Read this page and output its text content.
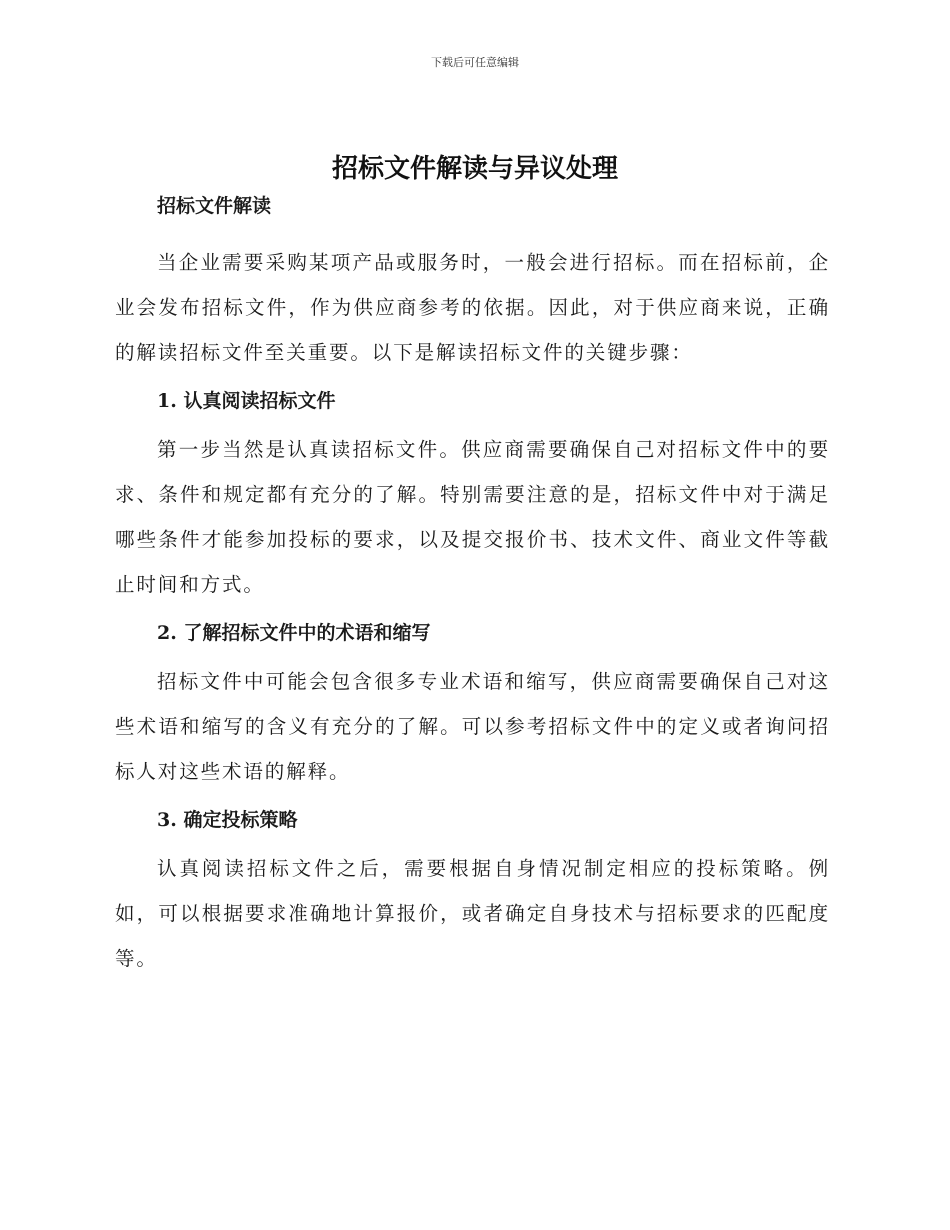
下载后可任意编辑
招标文件解读与异议处理
招标文件解读

当企业需要采购某项产品或服务时，一般会进行招标。而在招标前，企业会发布招标文件，作为供应商参考的依据。因此，对于供应商来说，正确的解读招标文件至关重要。以下是解读招标文件的关键步骤：

1. 认真阅读招标文件

第一步当然是认真读招标文件。供应商需要确保自己对招标文件中的要求、条件和规定都有充分的了解。特别需要注意的是，招标文件中对于满足哪些条件才能参加投标的要求，以及提交报价书、技术文件、商业文件等截止时间和方式。

2. 了解招标文件中的术语和缩写

招标文件中可能会包含很多专业术语和缩写，供应商需要确保自己对这些术语和缩写的含义有充分的了解。可以参考招标文件中的定义或者询问招标人对这些术语的解释。

3. 确定投标策略

认真阅读招标文件之后，需要根据自身情况制定相应的投标策略。例如，可以根据要求准确地计算报价，或者确定自身技术与招标要求的匹配度等。
